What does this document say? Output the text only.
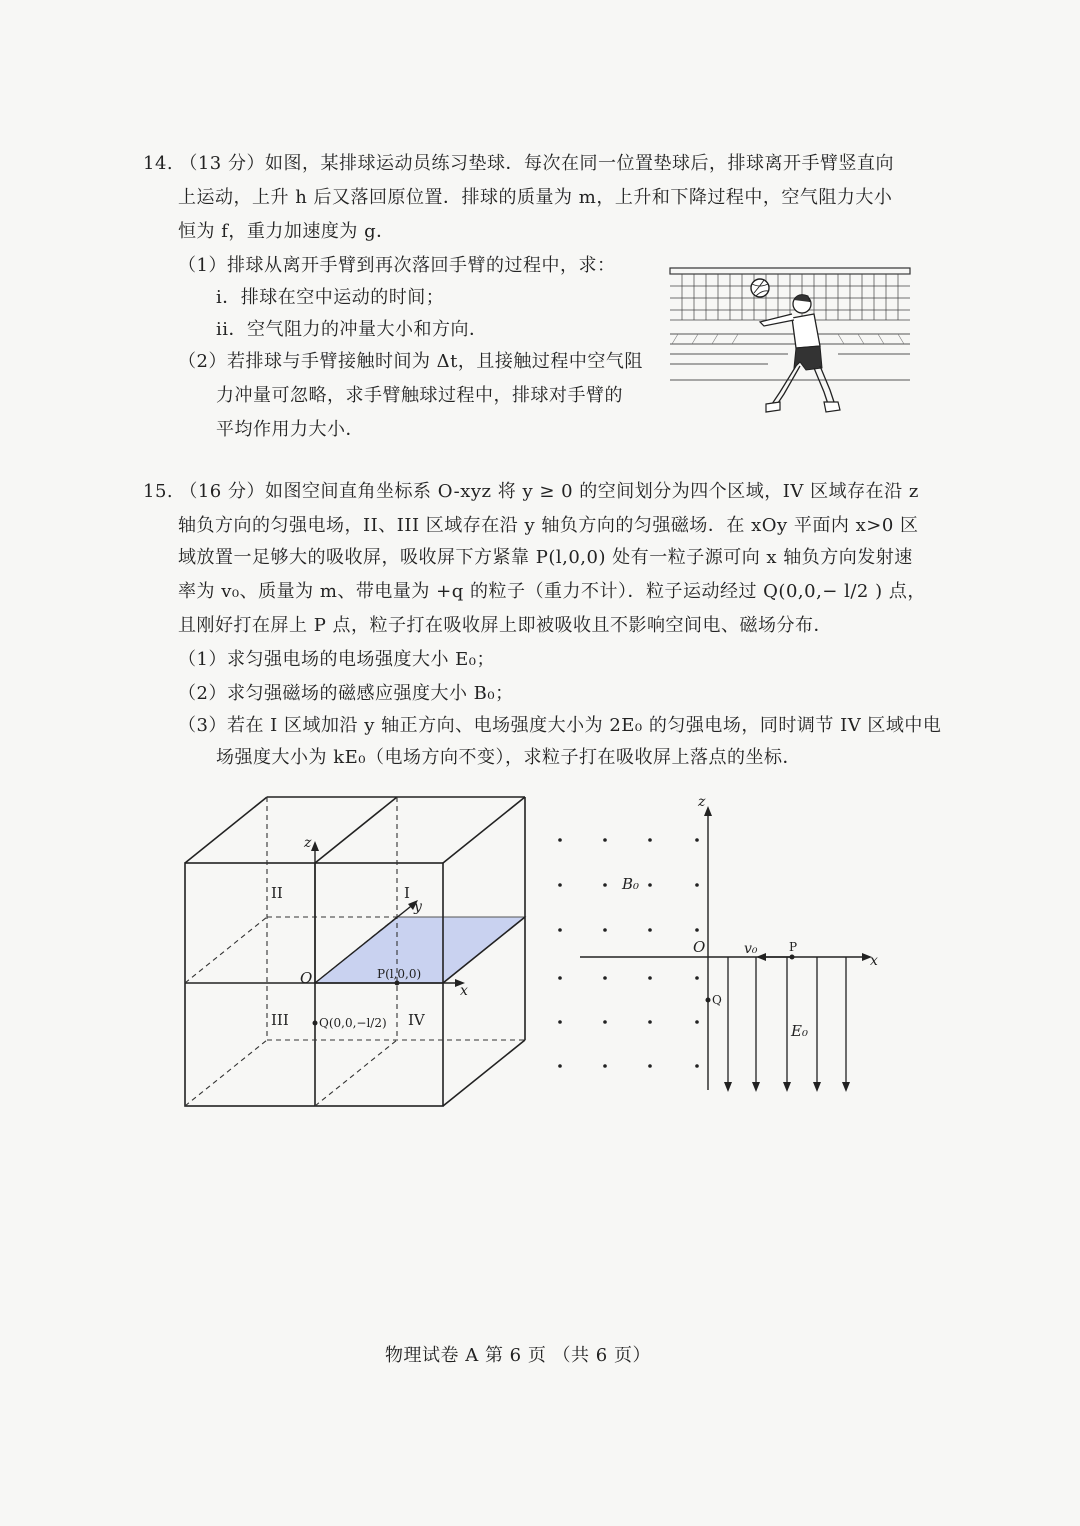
14. （13 分）如图，某排球运动员练习垫球．每次在同一位置垫球后，排球离开手臂竖直向
上运动，上升 h 后又落回原位置．排球的质量为 m，上升和下降过程中，空气阻力大小
恒为 f，重力加速度为 g．
（1）排球从离开手臂到再次落回手臂的过程中，求：
i．排球在空中运动的时间；
ii．空气阻力的冲量大小和方向．
（2）若排球与手臂接触时间为 Δt，且接触过程中空气阻
力冲量可忽略，求手臂触球过程中，排球对手臂的
平均作用力大小．
15. （16 分）如图空间直角坐标系 O-xyz 将 y ≥ 0 的空间划分为四个区域，IV 区域存在沿 z
轴负方向的匀强电场，II、III 区域存在沿 y 轴负方向的匀强磁场．在 xOy 平面内 x>0 区
域放置一足够大的吸收屏，吸收屏下方紧靠 P(l,0,0) 处有一粒子源可向 x 轴负方向发射速
率为 v₀、质量为 m、带电量为 +q 的粒子（重力不计）．粒子运动经过 Q(0,0,− l/2 ) 点，
且刚好打在屏上 P 点，粒子打在吸收屏上即被吸收且不影响空间电、磁场分布．
（1）求匀强电场的电场强度大小 E₀；
（2）求匀强磁场的磁感应强度大小 B₀；
（3）若在 I 区域加沿 y 轴正方向、电场强度大小为 2E₀ 的匀强电场，同时调节 IV 区域中电
场强度大小为 kE₀（电场方向不变），求粒子打在吸收屏上落点的坐标．
z
y
x
O
I
II
III	IV
P(l,0,0)
Q(0,0,−l/2)
z
x
O
B₀
v₀	P
Q
E₀
物理试卷 A 第 6 页 （共 6 页）
